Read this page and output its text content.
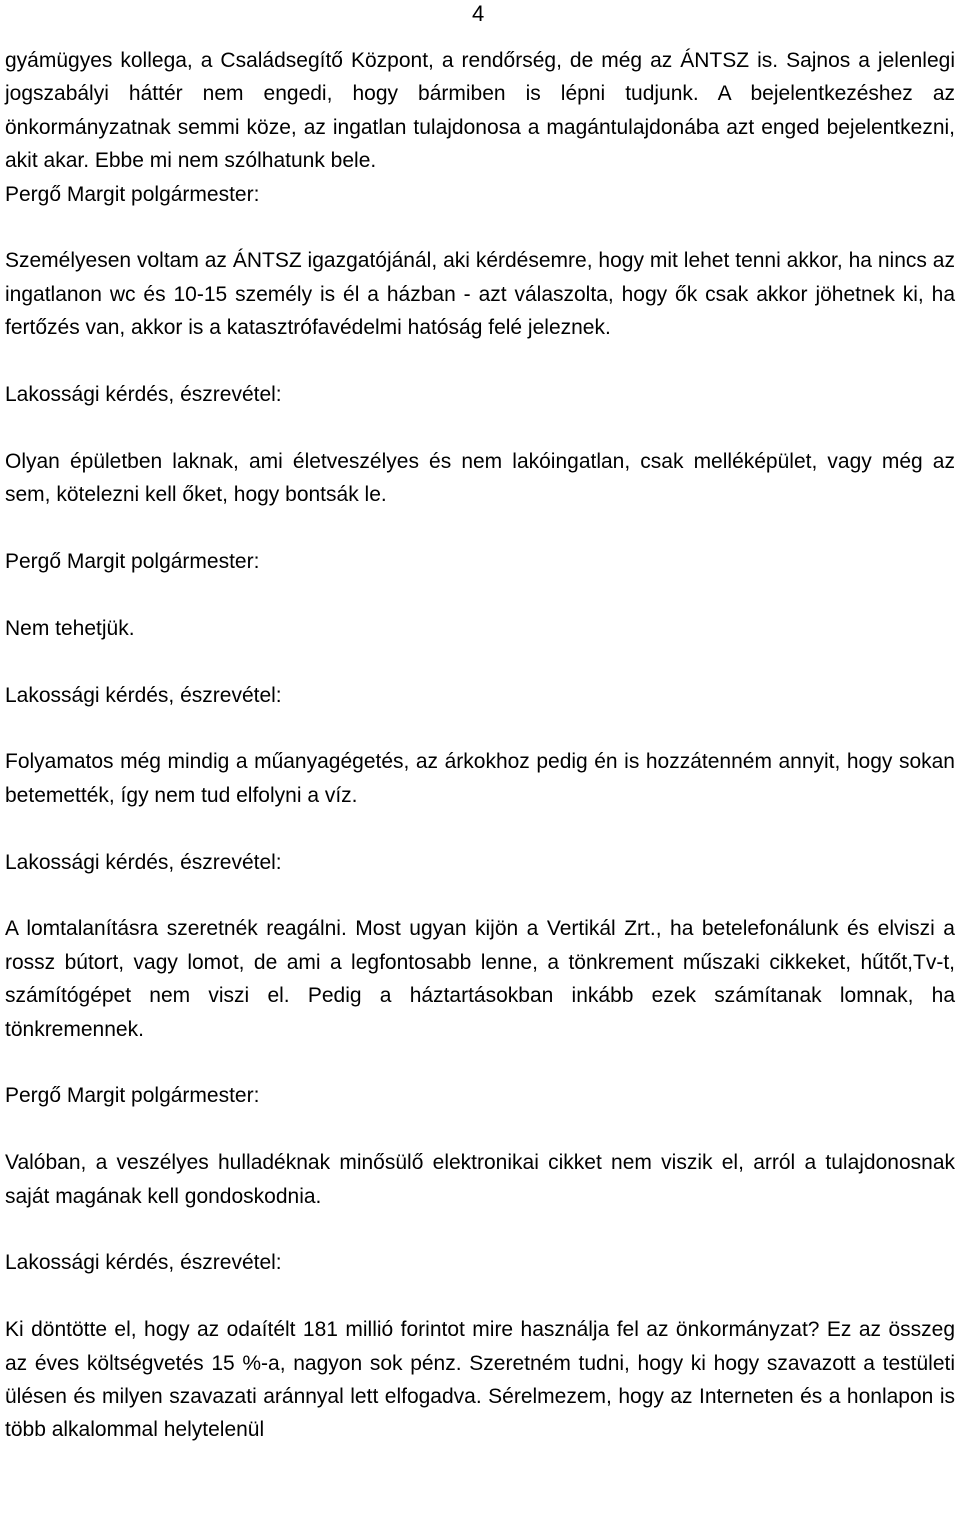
4

gyámügyes kollega, a Családsegítő Központ, a rendőrség, de még az ÁNTSZ is. Sajnos a jelenlegi jogszabályi háttér nem engedi, hogy bármiben is lépni tudjunk. A bejelentkezéshez az önkormányzatnak semmi köze, az ingatlan tulajdonosa a magántulajdonába azt enged bejelentkezni, akit akar. Ebbe mi nem szólhatunk bele.

Pergő Margit polgármester:

Személyesen voltam az ÁNTSZ igazgatójánál, aki kérdésemre, hogy mit lehet tenni akkor, ha nincs az ingatlanon wc és 10-15 személy is él a házban - azt válaszolta, hogy ők csak akkor jöhetnek ki, ha fertőzés van, akkor is a katasztrófavédelmi hatóság felé jeleznek.

Lakossági kérdés, észrevétel:

Olyan épületben laknak, ami életveszélyes és nem lakóingatlan, csak melléképület, vagy még az sem, kötelezni kell őket, hogy bontsák le.

Pergő Margit polgármester:

Nem tehetjük.

Lakossági kérdés, észrevétel:

Folyamatos még mindig a műanyagégetés, az árkokhoz pedig én is hozzátenném annyit, hogy sokan betemették, így nem tud elfolyni a víz.

Lakossági kérdés, észrevétel:

A lomtalanításra szeretnék reagálni. Most ugyan kijön a Vertikál Zrt., ha betelefonálunk és elviszi a rossz bútort, vagy lomot, de ami a legfontosabb lenne, a tönkrement műszaki cikkeket, hűtőt,Tv-t, számítógépet nem viszi el. Pedig a háztartásokban inkább ezek számítanak lomnak, ha tönkremennek.

Pergő Margit polgármester:

Valóban, a veszélyes hulladéknak minősülő elektronikai cikket nem viszik el, arról a tulajdonosnak saját magának kell gondoskodnia.

Lakossági kérdés, észrevétel:

Ki döntötte el, hogy az odaítélt 181 millió forintot mire használja fel az önkormányzat? Ez az összeg az éves költségvetés 15 %-a, nagyon sok pénz. Szeretném tudni, hogy ki hogy szavazott a testületi ülésen és milyen szavazati aránnyal lett elfogadva. Sérelmezem, hogy az Interneten és a honlapon is több alkalommal helytelenül
